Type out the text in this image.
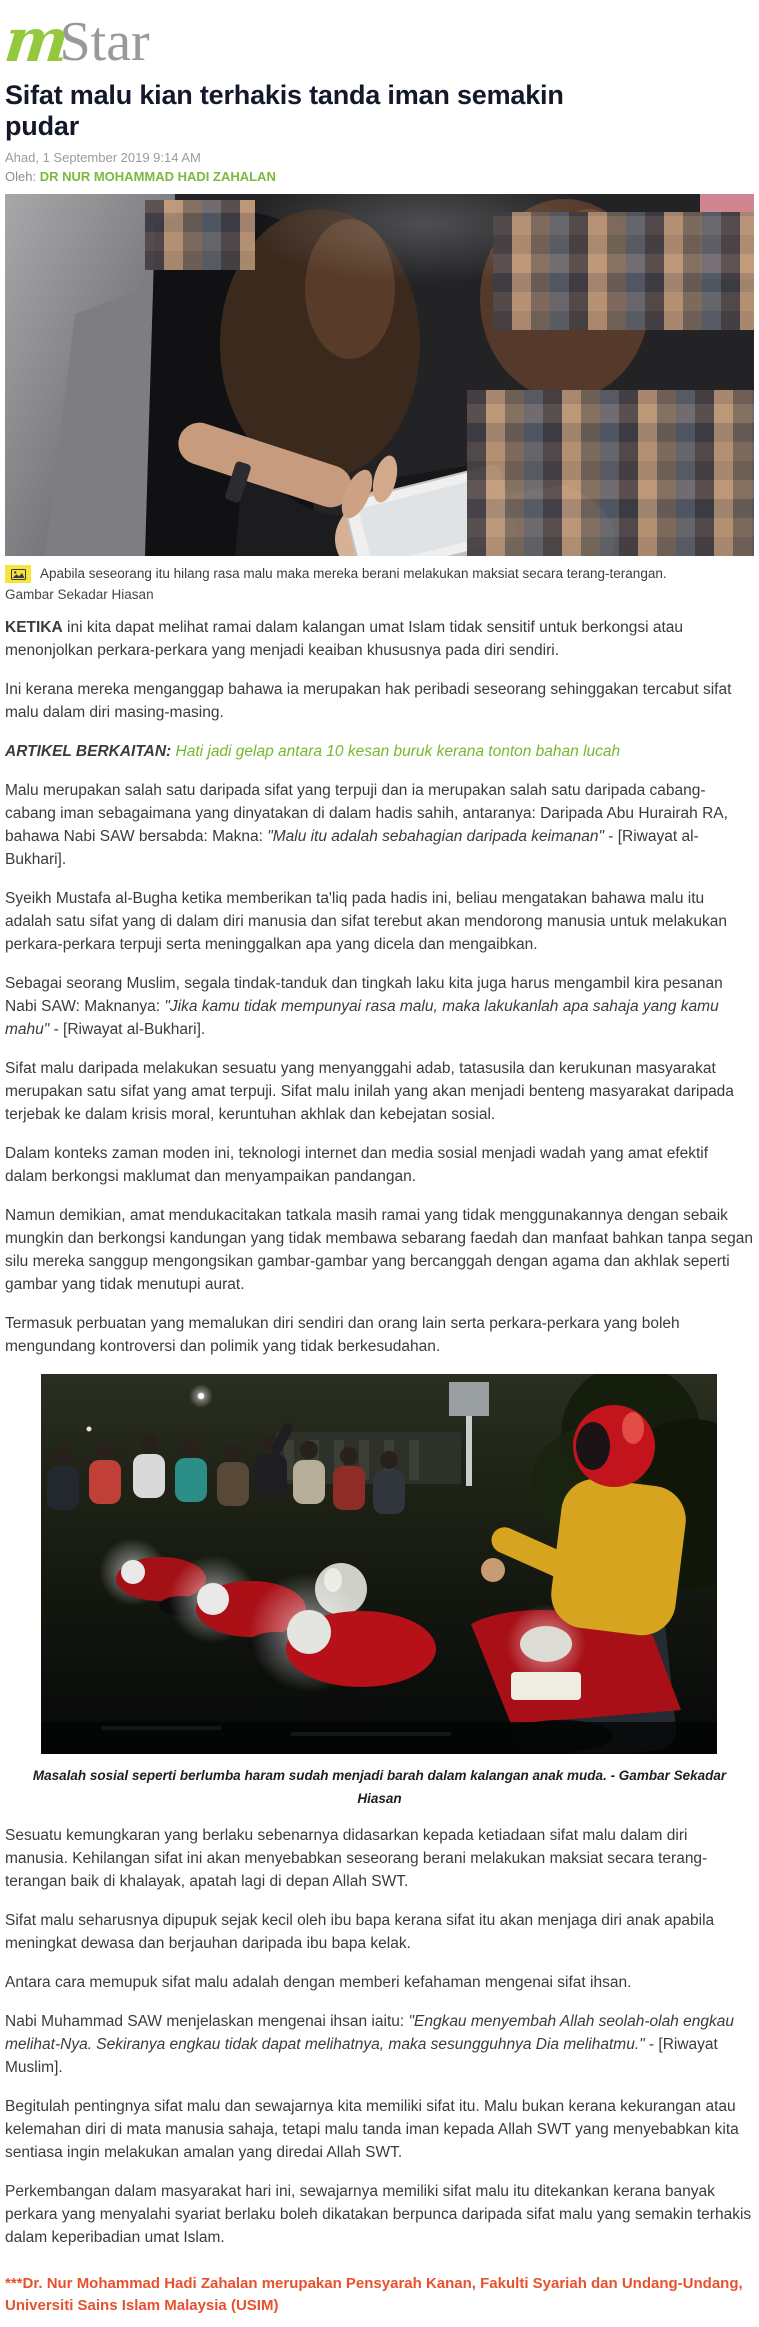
m
Star
Sifat malu kian terhakis tanda iman semakin pudar
Ahad, 1 September 2019 9:14 AM
Oleh: DR NUR MOHAMMAD HADI ZAHALAN
Apabila seseorang itu hilang rasa malu maka mereka berani melakukan maksiat secara terang-terangan.
Gambar Sekadar Hiasan

KETIKA ini kita dapat melihat ramai dalam kalangan umat Islam tidak sensitif untuk berkongsi atau menonjolkan perkara-perkara yang menjadi keaiban khususnya pada diri sendiri.

Ini kerana mereka menganggap bahawa ia merupakan hak peribadi seseorang sehinggakan tercabut sifat malu dalam diri masing-masing.

ARTIKEL BERKAITAN: Hati jadi gelap antara 10 kesan buruk kerana tonton bahan lucah

Malu merupakan salah satu daripada sifat yang terpuji dan ia merupakan salah satu daripada cabang-cabang iman sebagaimana yang dinyatakan di dalam hadis sahih, antaranya: Daripada Abu Hurairah RA, bahawa Nabi SAW bersabda: Makna: "Malu itu adalah sebahagian daripada keimanan" - [Riwayat al-Bukhari].

Syeikh Mustafa al-Bugha ketika memberikan ta'liq pada hadis ini, beliau mengatakan bahawa malu itu adalah satu sifat yang di dalam diri manusia dan sifat terebut akan mendorong manusia untuk melakukan perkara-perkara terpuji serta meninggalkan apa yang dicela dan mengaibkan.

Sebagai seorang Muslim, segala tindak-tanduk dan tingkah laku kita juga harus mengambil kira pesanan Nabi SAW: Maknanya: "Jika kamu tidak mempunyai rasa malu, maka lakukanlah apa sahaja yang kamu mahu" - [Riwayat al-Bukhari].

Sifat malu daripada melakukan sesuatu yang menyanggahi adab, tatasusila dan kerukunan masyarakat merupakan satu sifat yang amat terpuji. Sifat malu inilah yang akan menjadi benteng masyarakat daripada terjebak ke dalam krisis moral, keruntuhan akhlak dan kebejatan sosial.

Dalam konteks zaman moden ini, teknologi internet dan media sosial menjadi wadah yang amat efektif dalam berkongsi maklumat dan menyampaikan pandangan.

Namun demikian, amat mendukacitakan tatkala masih ramai yang tidak menggunakannya dengan sebaik mungkin dan berkongsi kandungan yang tidak membawa sebarang faedah dan manfaat bahkan tanpa segan silu mereka sanggup mengongsikan gambar-gambar yang bercanggah dengan agama dan akhlak seperti gambar yang tidak menutupi aurat.

Termasuk perbuatan yang memalukan diri sendiri dan orang lain serta perkara-perkara yang boleh mengundang kontroversi dan polimik yang tidak berkesudahan.

Masalah sosial seperti berlumba haram sudah menjadi barah dalam kalangan anak muda. - Gambar Sekadar Hiasan

Sesuatu kemungkaran yang berlaku sebenarnya didasarkan kepada ketiadaan sifat malu dalam diri manusia. Kehilangan sifat ini akan menyebabkan seseorang berani melakukan maksiat secara terang-terangan baik di khalayak, apatah lagi di depan Allah SWT.

Sifat malu seharusnya dipupuk sejak kecil oleh ibu bapa kerana sifat itu akan menjaga diri anak apabila meningkat dewasa dan berjauhan daripada ibu bapa kelak.

Antara cara memupuk sifat malu adalah dengan memberi kefahaman mengenai sifat ihsan.

Nabi Muhammad SAW menjelaskan mengenai ihsan iaitu: "Engkau menyembah Allah seolah-olah engkau melihat-Nya. Sekiranya engkau tidak dapat melihatnya, maka sesungguhnya Dia melihatmu." - [Riwayat Muslim].

Begitulah pentingnya sifat malu dan sewajarnya kita memiliki sifat itu. Malu bukan kerana kekurangan atau kelemahan diri di mata manusia sahaja, tetapi malu tanda iman kepada Allah SWT yang menyebabkan kita sentiasa ingin melakukan amalan yang diredai Allah SWT.

Perkembangan dalam masyarakat hari ini, sewajarnya memiliki sifat malu itu ditekankan kerana banyak perkara yang menyalahi syariat berlaku boleh dikatakan berpunca daripada sifat malu yang semakin terhakis dalam keperibadian umat Islam.

***Dr. Nur Mohammad Hadi Zahalan merupakan Pensyarah Kanan, Fakulti Syariah dan Undang-Undang, Universiti Sains Islam Malaysia (USIM)
